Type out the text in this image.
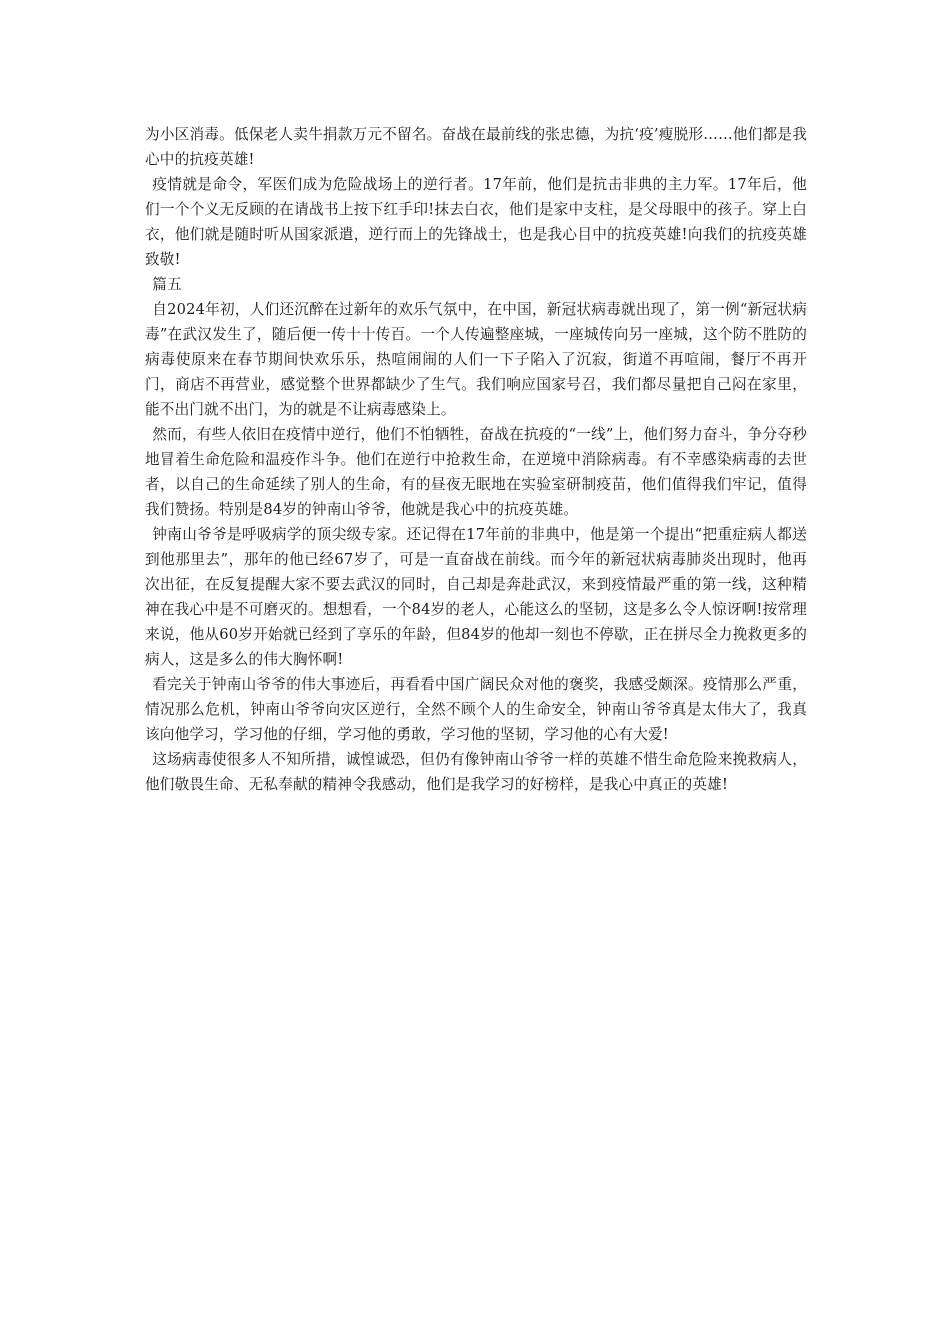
为小区消毒。低保老人卖牛捐款万元不留名。奋战在最前线的张忠德，为抗‘疫’瘦脱形……他们都是我心中的抗疫英雄!

疫情就是命令，军医们成为危险战场上的逆行者。17年前，他们是抗击非典的主力军。17年后，他们一个个义无反顾的在请战书上按下红手印!抹去白衣，他们是家中支柱，是父母眼中的孩子。穿上白衣，他们就是随时听从国家派遣，逆行而上的先锋战士，也是我心目中的抗疫英雄!向我们的抗疫英雄致敬!

篇五

自2024年初，人们还沉醉在过新年的欢乐气氛中，在中国，新冠状病毒就出现了，第一例“新冠状病毒”在武汉发生了，随后便一传十十传百。一个人传遍整座城，一座城传向另一座城，这个防不胜防的病毒使原来在春节期间快欢乐乐，热喧闹闹的人们一下子陷入了沉寂，街道不再喧闹，餐厅不再开门，商店不再营业，感觉整个世界都缺少了生气。我们响应国家号召，我们都尽量把自己闷在家里，能不出门就不出门，为的就是不让病毒感染上。

然而，有些人依旧在疫情中逆行，他们不怕牺牲，奋战在抗疫的“一线”上，他们努力奋斗，争分夺秒地冒着生命危险和温疫作斗争。他们在逆行中抢救生命，在逆境中消除病毒。有不幸感染病毒的去世者，以自己的生命延续了别人的生命，有的昼夜无眠地在实验室研制疫苗，他们值得我们牢记，值得我们赞扬。特别是84岁的钟南山爷爷，他就是我心中的抗疫英雄。

钟南山爷爷是呼吸病学的顶尖级专家。还记得在17年前的非典中，他是第一个提出“把重症病人都送到他那里去”，那年的他已经67岁了，可是一直奋战在前线。而今年的新冠状病毒肺炎出现时，他再次出征，在反复提醒大家不要去武汉的同时，自己却是奔赴武汉，来到疫情最严重的第一线，这种精神在我心中是不可磨灭的。想想看，一个84岁的老人，心能这么的坚韧，这是多么令人惊讶啊!按常理来说，他从60岁开始就已经到了享乐的年龄，但84岁的他却一刻也不停歇，正在拼尽全力挽救更多的病人，这是多么的伟大胸怀啊!

看完关于钟南山爷爷的伟大事迹后，再看看中国广阔民众对他的褒奖，我感受颇深。疫情那么严重，情况那么危机，钟南山爷爷向灾区逆行，全然不顾个人的生命安全，钟南山爷爷真是太伟大了，我真该向他学习，学习他的仔细，学习他的勇敢，学习他的坚韧，学习他的心有大爱!

这场病毒使很多人不知所措，诚惶诚恐，但仍有像钟南山爷爷一样的英雄不惜生命危险来挽救病人，他们敬畏生命、无私奉献的精神令我感动，他们是我学习的好榜样，是我心中真正的英雄!
